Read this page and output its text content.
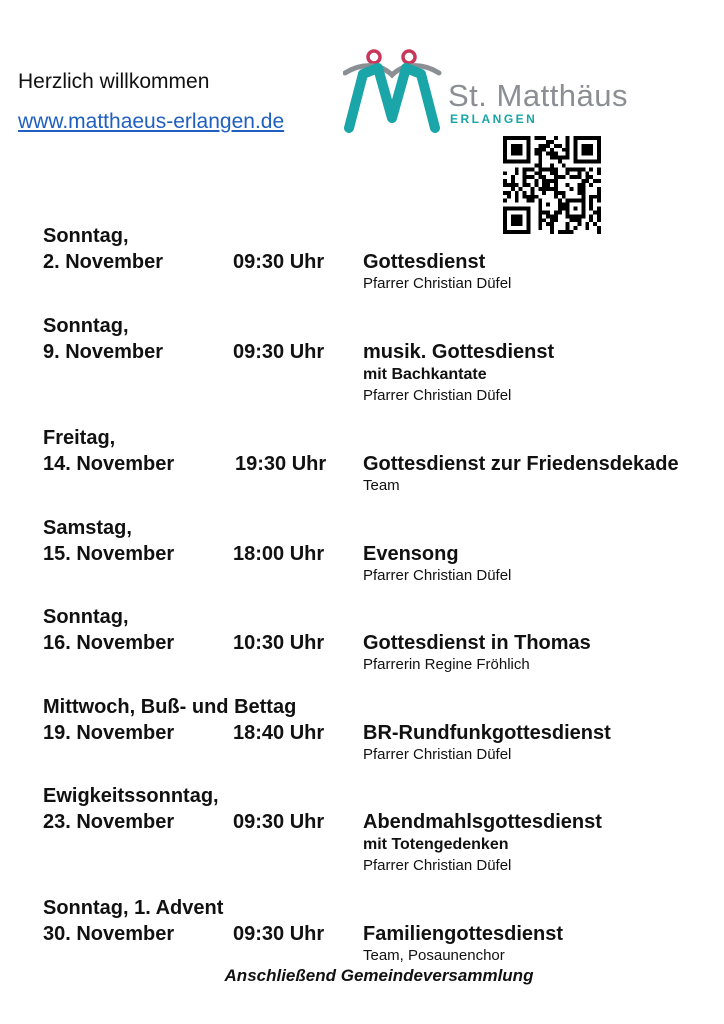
Herzlich willkommen
www.matthaeus-erlangen.de
St. Matthäus
ERLANGEN
Sonntag,
2. November	09:30 Uhr Gottesdienst
Pfarrer Christian Düfel
Sonntag,
9. November	09:30 Uhr musik. Gottesdienst
mit Bachkantate
Pfarrer Christian Düfel
Freitag,
14. November	19:30 Uhr Gottesdienst zur Friedensdekade
Team
Samstag,
15. November	18:00 Uhr Evensong
Pfarrer Christian Düfel
Sonntag,
16. November	10:30 Uhr Gottesdienst in Thomas
Pfarrerin Regine Fröhlich
Mittwoch, Buß- und Bettag
19. November	18:40 Uhr BR-Rundfunkgottesdienst
Pfarrer Christian Düfel
Ewigkeitssonntag,
23. November	09:30 Uhr Abendmahlsgottesdienst
mit Totengedenken
Pfarrer Christian Düfel
Sonntag, 1. Advent
30. November	09:30 Uhr Familiengottesdienst
Team, Posaunenchor
Anschließend Gemeindeversammlung
